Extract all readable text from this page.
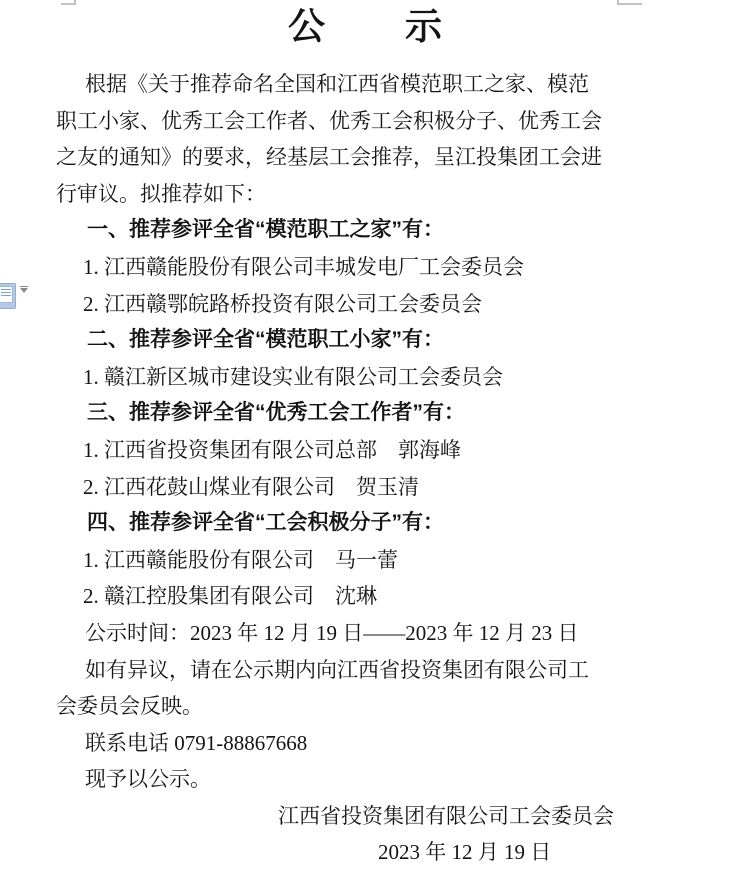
公　　示
根据《关于推荐命名全国和江西省模范职工之家、模范
职工小家、优秀工会工作者、优秀工会积极分子、优秀工会
之友的通知》的要求，经基层工会推荐，呈江投集团工会进
行审议。拟推荐如下：
一、推荐参评全省“模范职工之家”有：
1. 江西赣能股份有限公司丰城发电厂工会委员会
2. 江西赣鄂皖路桥投资有限公司工会委员会
二、推荐参评全省“模范职工小家”有：
1. 赣江新区城市建设实业有限公司工会委员会
三、推荐参评全省“优秀工会工作者”有：
1. 江西省投资集团有限公司总部　郭海峰
2. 江西花鼓山煤业有限公司　贺玉清
四、推荐参评全省“工会积极分子”有：
1. 江西赣能股份有限公司　马一蕾
2. 赣江控股集团有限公司　沈琳
公示时间：2023 年 12 月 19 日——2023 年 12 月 23 日
如有异议，请在公示期内向江西省投资集团有限公司工
会委员会反映。
联系电话 0791-88867668
现予以公示。
江西省投资集团有限公司工会委员会
2023 年 12 月 19 日
